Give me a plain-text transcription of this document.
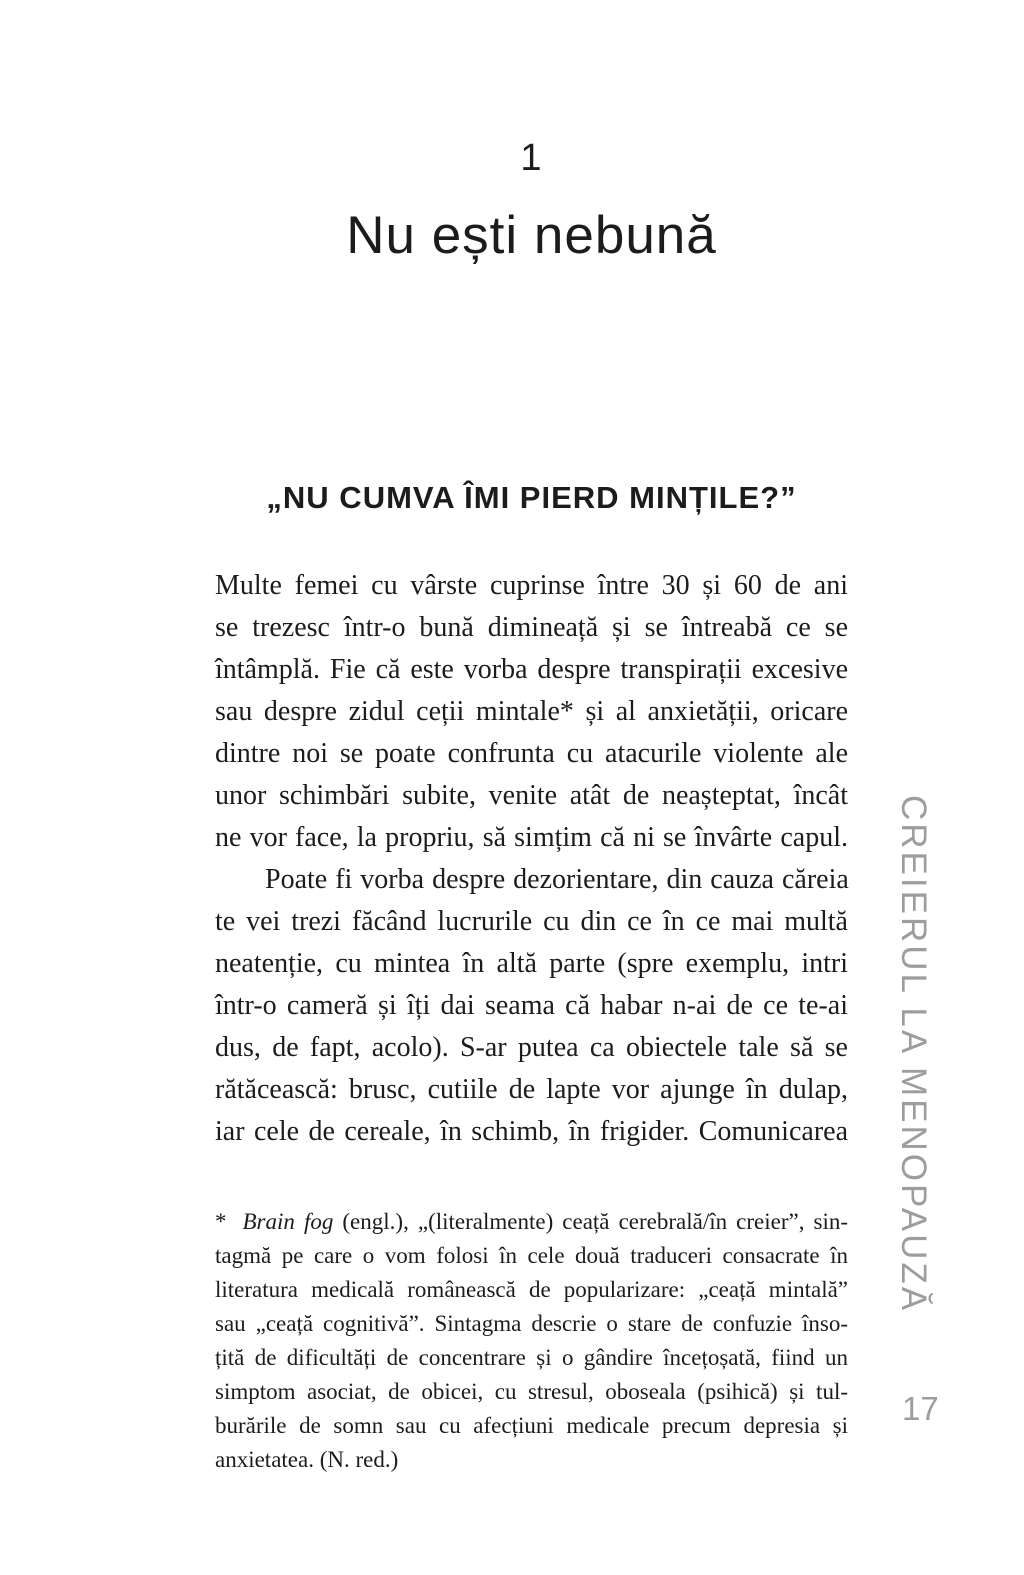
1
Nu ești nebună
„NU CUMVA ÎMI PIERD MINȚILE?”
Multe femei cu vârste cuprinse între 30 și 60 de ani
se trezesc într-o bună dimineață și se întreabă ce se
întâmplă. Fie că este vorba despre transpirații excesive
sau despre zidul ceții mintale* și al anxietății, oricare
dintre noi se poate confrunta cu atacurile violente ale
unor schimbări subite, venite atât de neașteptat, încât
ne vor face, la propriu, să simțim că ni se învârte capul.
Poate fi vorba despre dezorientare, din cauza căreia
te vei trezi făcând lucrurile cu din ce în ce mai multă
neatenție, cu mintea în altă parte (spre exemplu, intri
într-o cameră și îți dai seama că habar n-ai de ce te-ai
dus, de fapt, acolo). S-ar putea ca obiectele tale să se
rătăcească: brusc, cutiile de lapte vor ajunge în dulap,
iar cele de cereale, în schimb, în frigider. Comunicarea
* Brain fog (engl.), „(literalmente) ceață cerebrală/în creier”, sin-
tagmă pe care o vom folosi în cele două traduceri consacrate în
literatura medicală românească de popularizare: „ceață mintală”
sau „ceață cognitivă”. Sintagma descrie o stare de confuzie înso-
țită de dificultăți de concentrare și o gândire încețoșată, fiind un
simptom asociat, de obicei, cu stresul, oboseala (psihică) și tul-
burările de somn sau cu afecțiuni medicale precum depresia și
anxietatea. (N. red.)
CREIERUL LA MENOPAUZĂ
17
